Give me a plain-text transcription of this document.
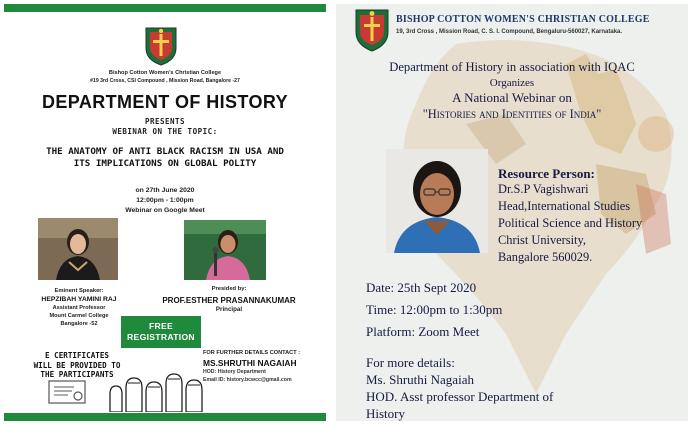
Bishop Cotton Women's Christian College
#19 3rd Cross, CSI Compound , Mission Road, Bangalore -27
DEPARTMENT OF HISTORY
PRESENTS
WEBINAR ON THE TOPIC:
THE ANATOMY OF ANTI BLACK RACISM IN USA AND
ITS IMPLICATIONS ON GLOBAL POLITY
on 27th June 2020
12:00pm - 1:00pm
Webinar on Google Meet
Eminent Speaker:
HEPZIBAH YAMINI RAJ
Assistant Professor
Mount Carmel College
Bangalore -52
Presided by:
PROF.ESTHER PRASANNAKUMAR
Principal
FREE
REGISTRATION
E CERTIFICATES
WILL BE PROVIDED TO
THE PARTICIPANTS
FOR FURTHER DETAILS CONTACT :
MS.SHRUTHI NAGAIAH
HOD: History Department
Email ID: history.bcwcc@gmail.com
BISHOP COTTON WOMEN'S CHRISTIAN COLLEGE
19, 3rd Cross , Mission Road, C. S. I. Compound, Bengaluru-560027, Karnataka.
Department of History in association with IQAC
Organizes
A National Webinar on
"Histories and Identities of India"
Resource Person:
Dr.S.P Vagishwari
Head,International Studies
Political Science and History
Christ University,
Bangalore 560029.
Date: 25th Sept 2020
Time: 12:00pm to 1:30pm
Platform: Zoom Meet
For more details:
Ms. Shruthi Nagaiah
HOD. Asst professor Department of
History
